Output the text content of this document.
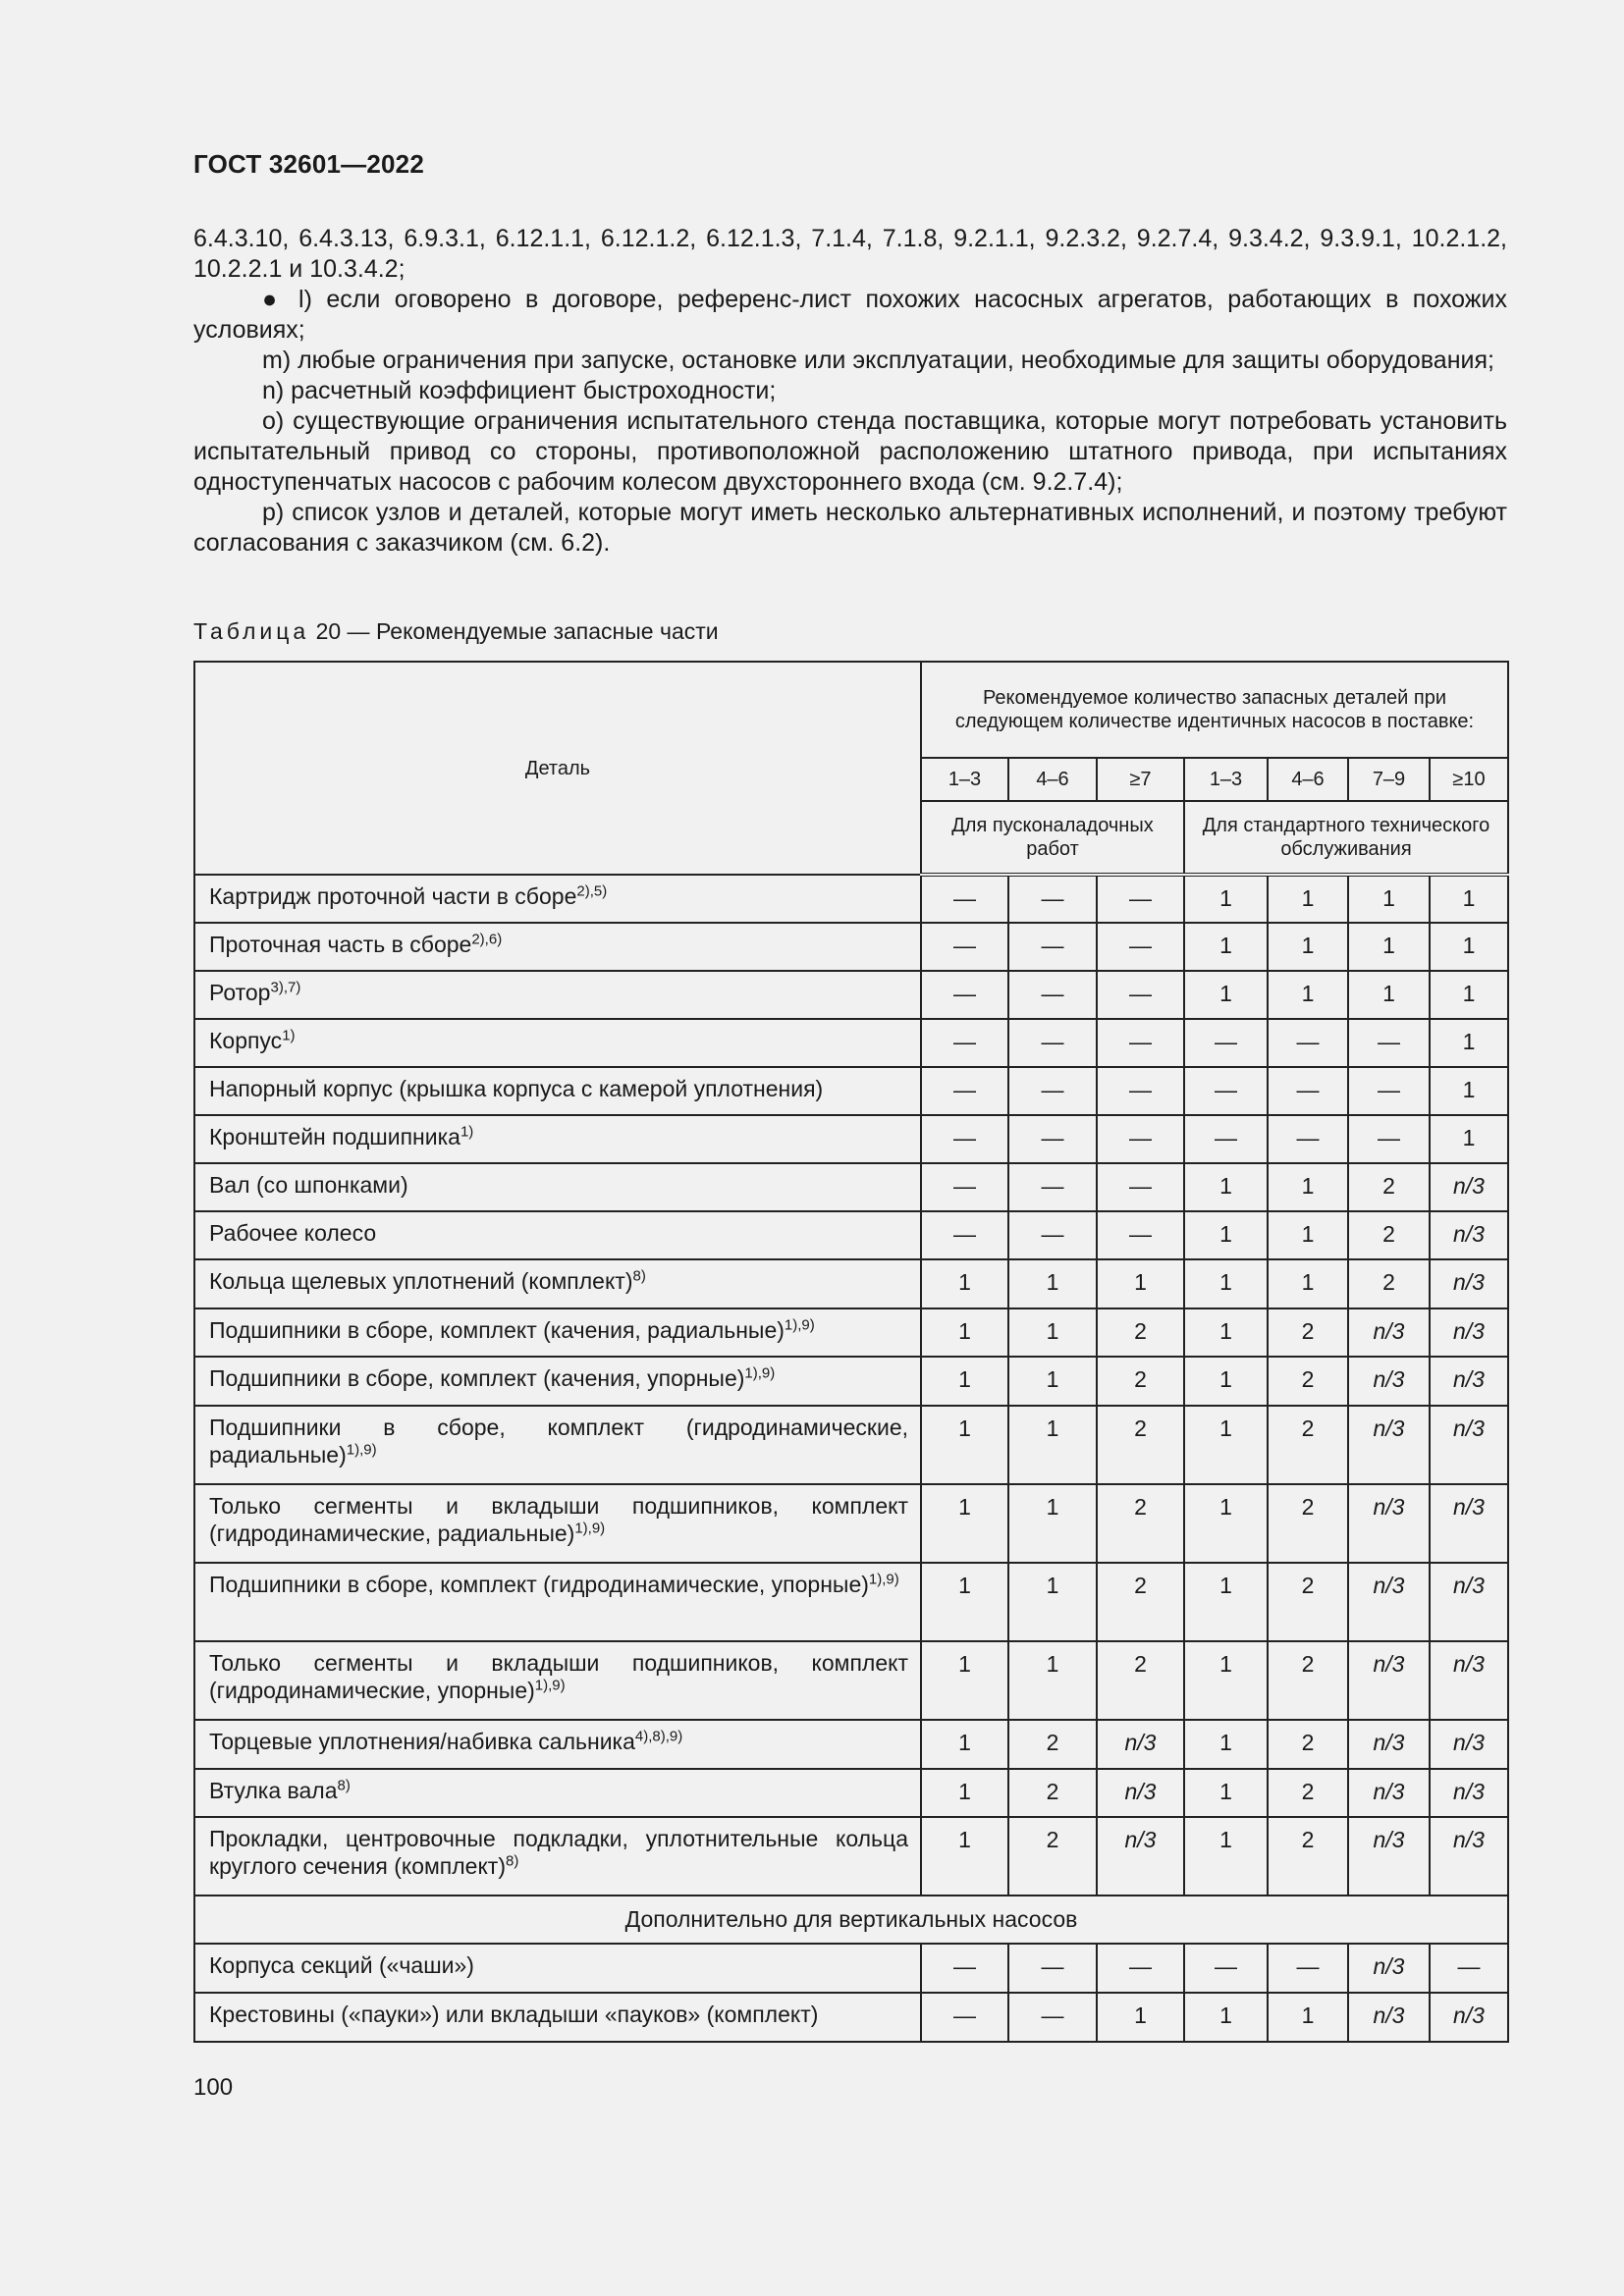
ГОСТ 32601—2022

6.4.3.10, 6.4.3.13, 6.9.3.1, 6.12.1.1, 6.12.1.2, 6.12.1.3, 7.1.4, 7.1.8, 9.2.1.1, 9.2.3.2, 9.2.7.4, 9.3.4.2, 9.3.9.1, 10.2.1.2, 10.2.2.1 и 10.3.4.2;

● l) если оговорено в договоре, референс-лист похожих насосных агрегатов, работающих в похожих условиях;

m) любые ограничения при запуске, остановке или эксплуатации, необходимые для защиты оборудования;

n) расчетный коэффициент быстроходности;

o) существующие ограничения испытательного стенда поставщика, которые могут потребовать установить испытательный привод со стороны, противоположной расположению штатного привода, при испытаниях одноступенчатых насосов с рабочим колесом двухстороннего входа (см. 9.2.7.4);

p) список узлов и деталей, которые могут иметь несколько альтернативных исполнений, и поэтому требуют согласования с заказчиком (см. 6.2).

Таблица 20 — Рекомендуемые запасные части
Деталь	Рекомендуемое количество запасных деталей при следующем количестве идентичных насосов в поставке:						
	1–3	4–6	≥7	1–3	4–6	7–9	≥10
	Для пусконаладочных работ			Для стандартного технического обслуживания			
Картридж проточной части в сборе$^{2),5)}$	—	—	—	1	1	1	1
Проточная часть в сборе$^{2),6)}$	—	—	—	1	1	1	1
Ротор$^{3),7)}$	—	—	—	1	1	1	1
Корпус$^{1)}$	—	—	—	—	—	—	1
Напорный корпус (крышка корпуса с камерой уплотнения)	—	—	—	—	—	—	1
Кронштейн подшипника$^{1)}$	—	—	—	—	—	—	1
Вал (со шпонками)	—	—	—	1	1	2	n/3
Рабочее колесо	—	—	—	1	1	2	n/3
Кольца щелевых уплотнений (комплект)$^{8)}$	1	1	1	1	1	2	n/3
Подшипники в сборе, комплект (качения, радиальные)$^{1),9)}$	1	1	2	1	2	n/3	n/3
Подшипники в сборе, комплект (качения, упорные)$^{1),9)}$	1	1	2	1	2	n/3	n/3
Подшипники в сборе, комплект (гидродинамические, радиальные)$^{1),9)}$	1	1	2	1	2	n/3	n/3
Только сегменты и вкладыши подшипников, комплект (гидродинамические, радиальные)$^{1),9)}$	1	1	2	1	2	n/3	n/3
Подшипники в сборе, комплект (гидродинамические, упорные)$^{1),9)}$	1	1	2	1	2	n/3	n/3
Только сегменты и вкладыши подшипников, комплект (гидродинамические, упорные)$^{1),9)}$	1	1	2	1	2	n/3	n/3
Торцевые уплотнения/набивка сальника$^{4),8),9)}$	1	2	n/3	1	2	n/3	n/3
Втулка вала$^{8)}$	1	2	n/3	1	2	n/3	n/3
Прокладки, центровочные подкладки, уплотнительные кольца круглого сечения (комплект)$^{8)}$	1	2	n/3	1	2	n/3	n/3
Дополнительно для вертикальных насосов							
Корпуса секций («чаши»)	—	—	—	—	—	n/3	—
Крестовины («пауки») или вкладыши «пауков» (комплект)	—	—	1	1	1	n/3	n/3
100
